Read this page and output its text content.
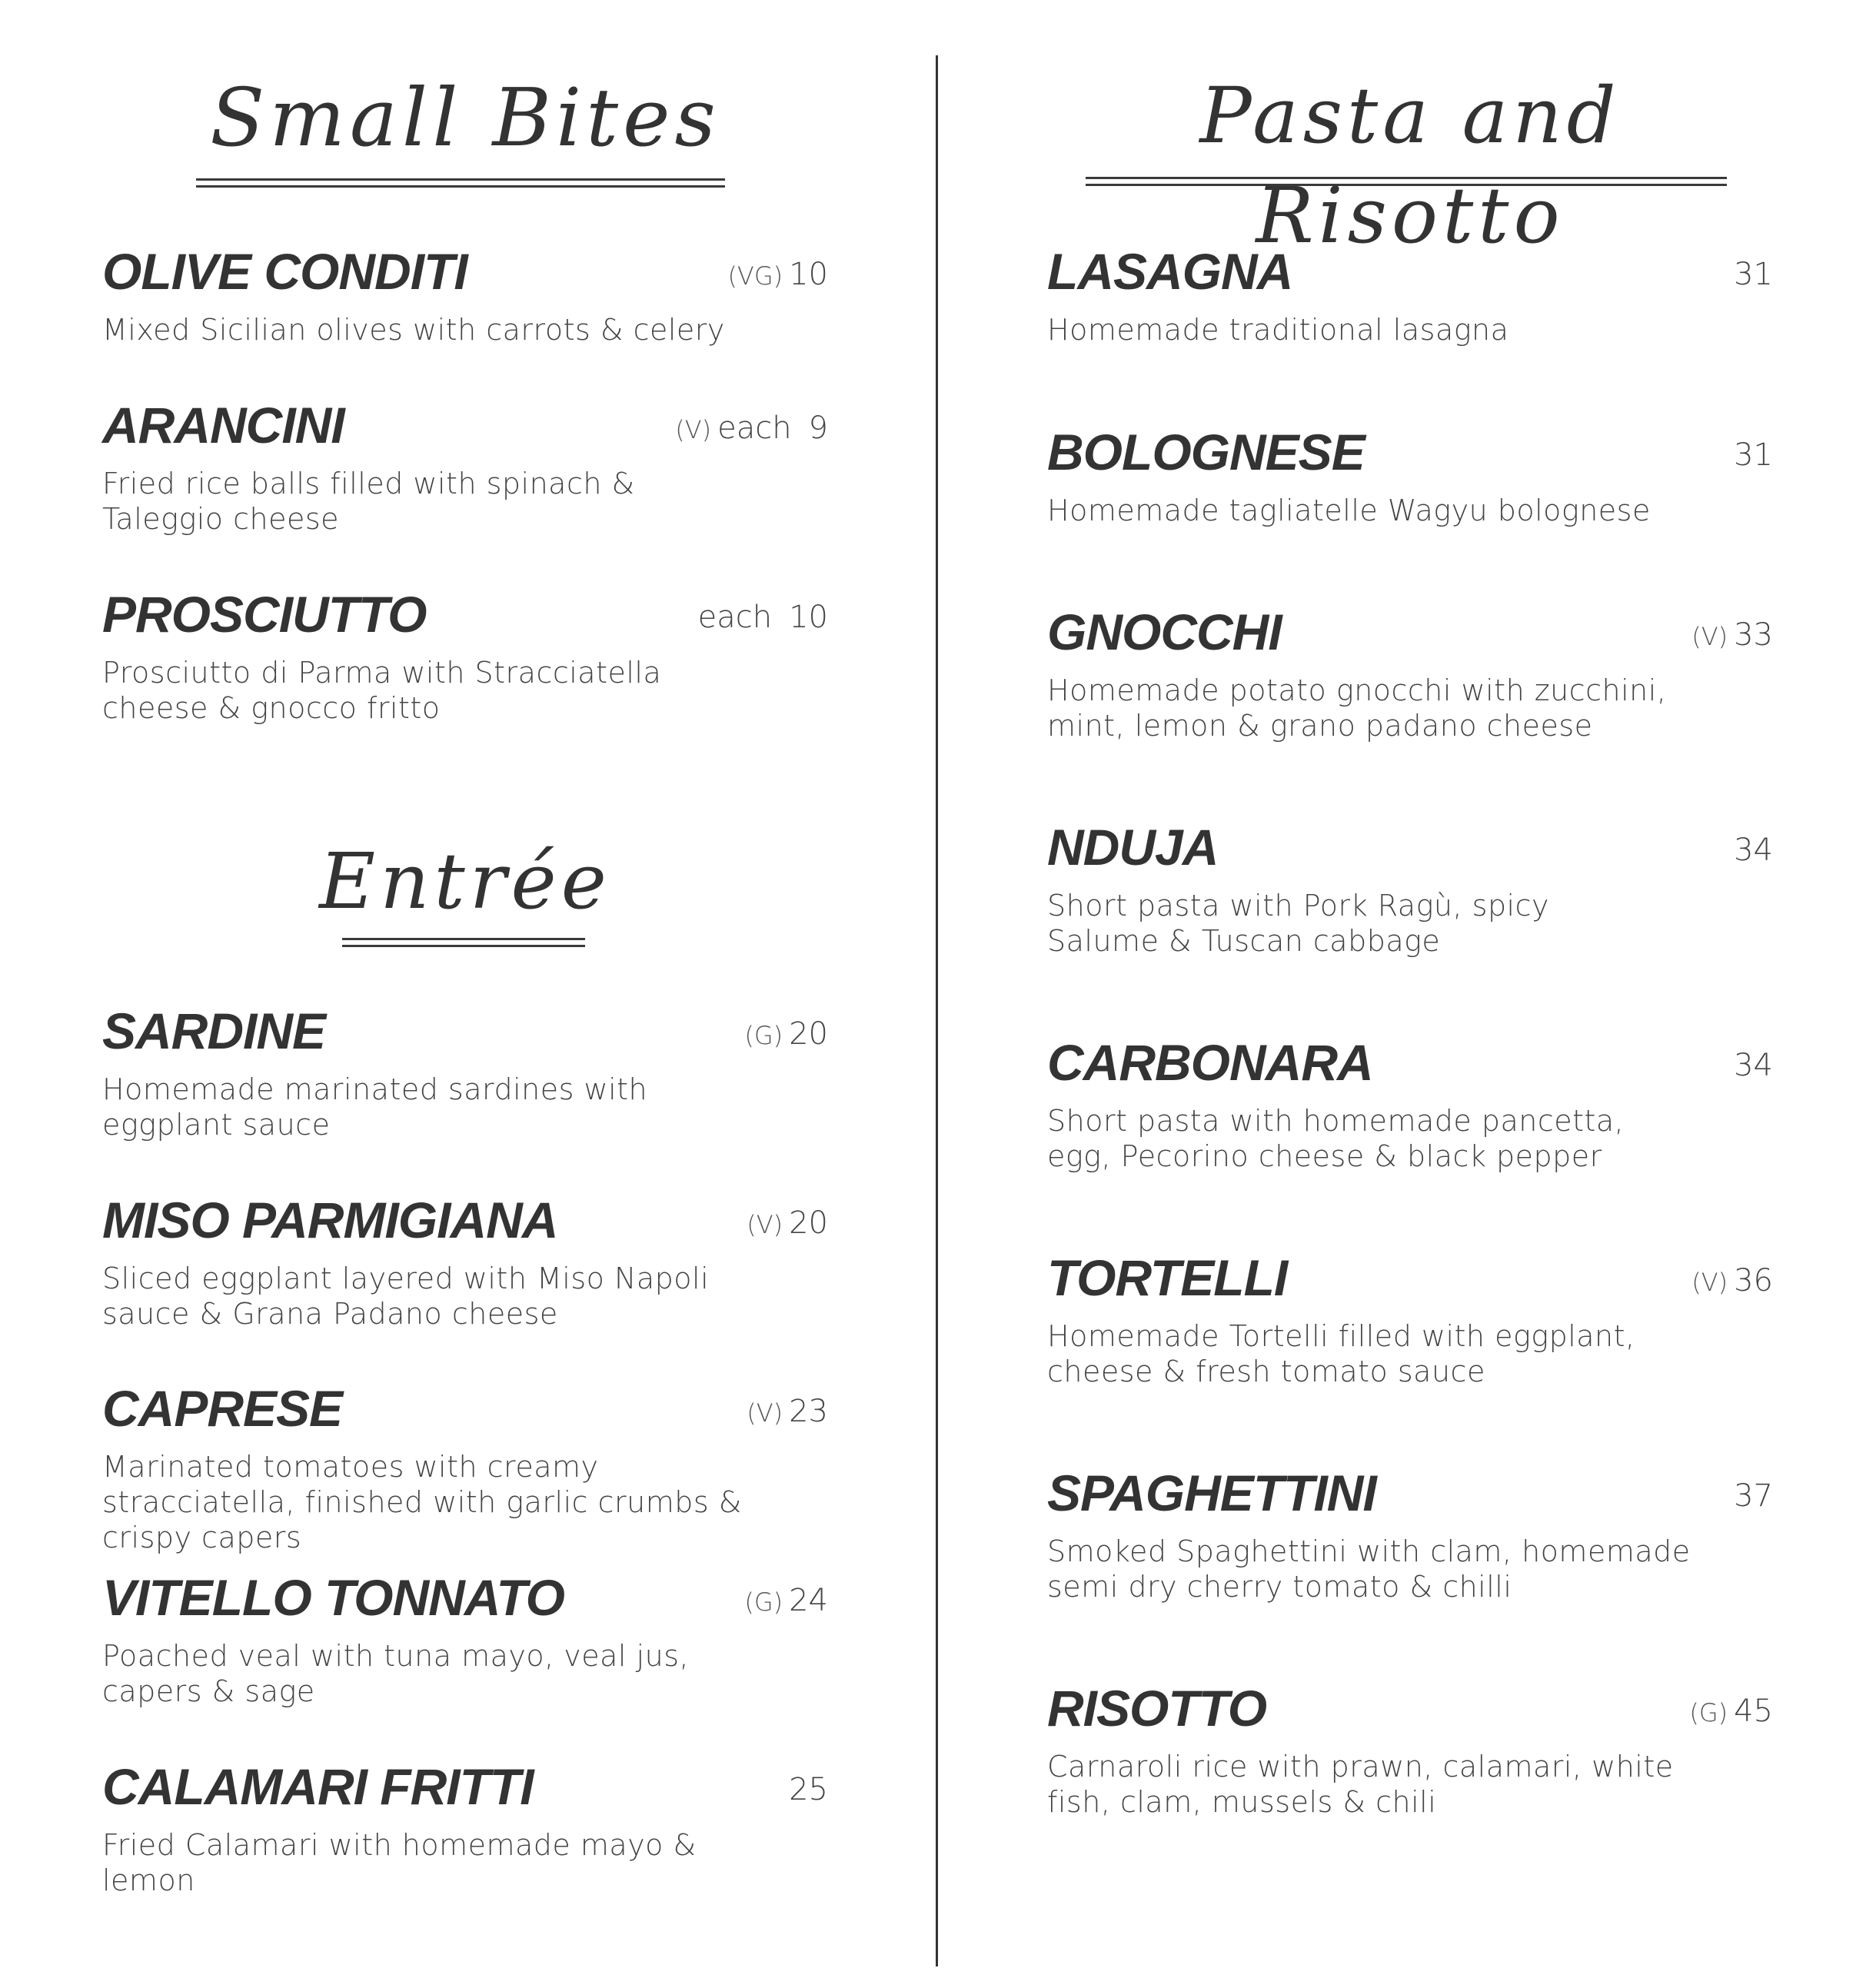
Small Bites
OLIVE CONDITI	(VG) 10
Mixed Sicilian olives with carrots & celery
ARANCINI	(V) each 9
Fried rice balls filled with spinach & Taleggio cheese
PROSCIUTTO	each 10
Prosciutto di Parma with Stracciatella cheese & gnocco fritto
Entrée
SARDINE	(G) 20
Homemade marinated sardines with eggplant sauce
MISO PARMIGIANA	(V) 20
Sliced eggplant layered with Miso Napoli sauce & Grana Padano cheese
CAPRESE	(V) 23
Marinated tomatoes with creamy stracciatella, finished with garlic crumbs & crispy capers
VITELLO TONNATO	(G) 24
Poached veal with tuna mayo, veal jus, capers & sage
CALAMARI FRITTI	25
Fried Calamari with homemade mayo & lemon
Pasta and Risotto
LASAGNA	31
Homemade traditional lasagna
BOLOGNESE	31
Homemade tagliatelle Wagyu bolognese
GNOCCHI	(V) 33
Homemade potato gnocchi with zucchini, mint, lemon & grano padano cheese
NDUJA	34
Short pasta with Pork Ragù, spicy Salume & Tuscan cabbage
CARBONARA	34
Short pasta with homemade pancetta, egg, Pecorino cheese & black pepper
TORTELLI	(V) 36
Homemade Tortelli filled with eggplant, cheese & fresh tomato sauce
SPAGHETTINI	37
Smoked Spaghettini with clam, homemade semi dry cherry tomato & chilli
RISOTTO	(G) 45
Carnaroli rice with prawn, calamari, white fish, clam, mussels & chili
